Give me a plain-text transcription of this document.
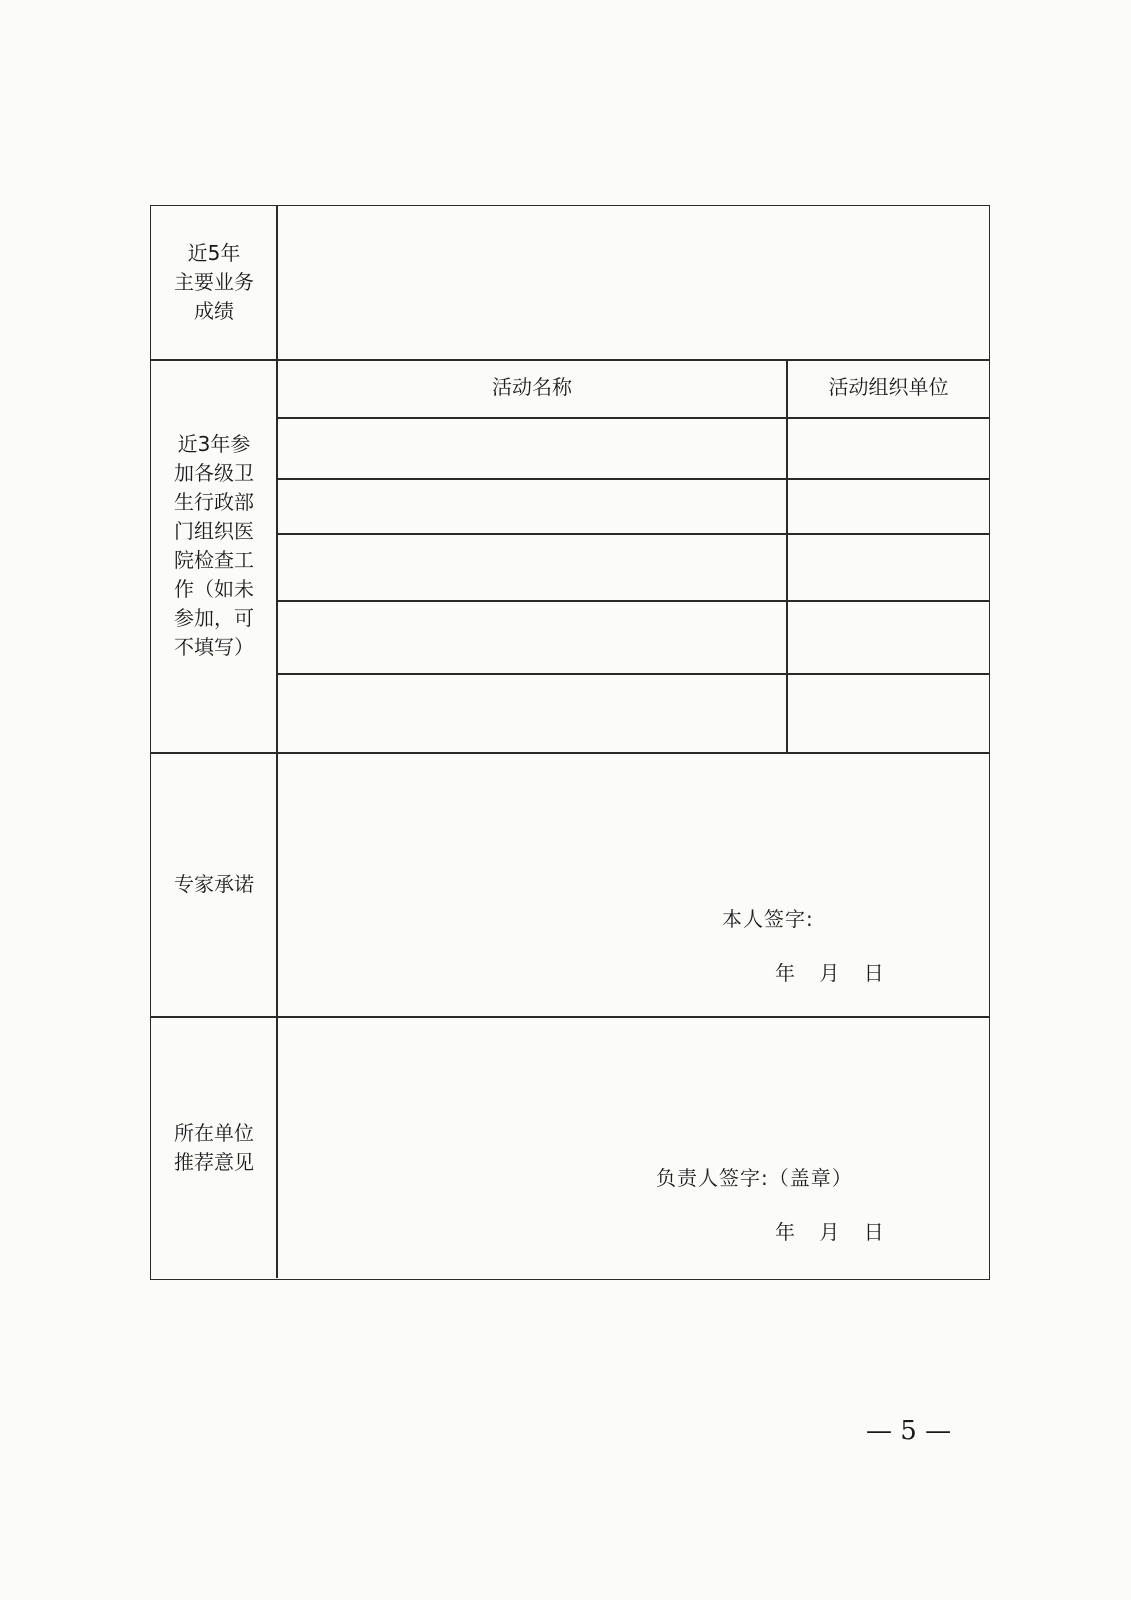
近5年
主要业务
成绩
近3年参
加各级卫
生行政部
门组织医
院检查工
作（如未
参加，可
不填写）
活动名称	活动组织单位
专家承诺
本人签字:
年 月 日
所在单位
推荐意见
负责人签字:（盖章）
年 月 日
— 5 —
